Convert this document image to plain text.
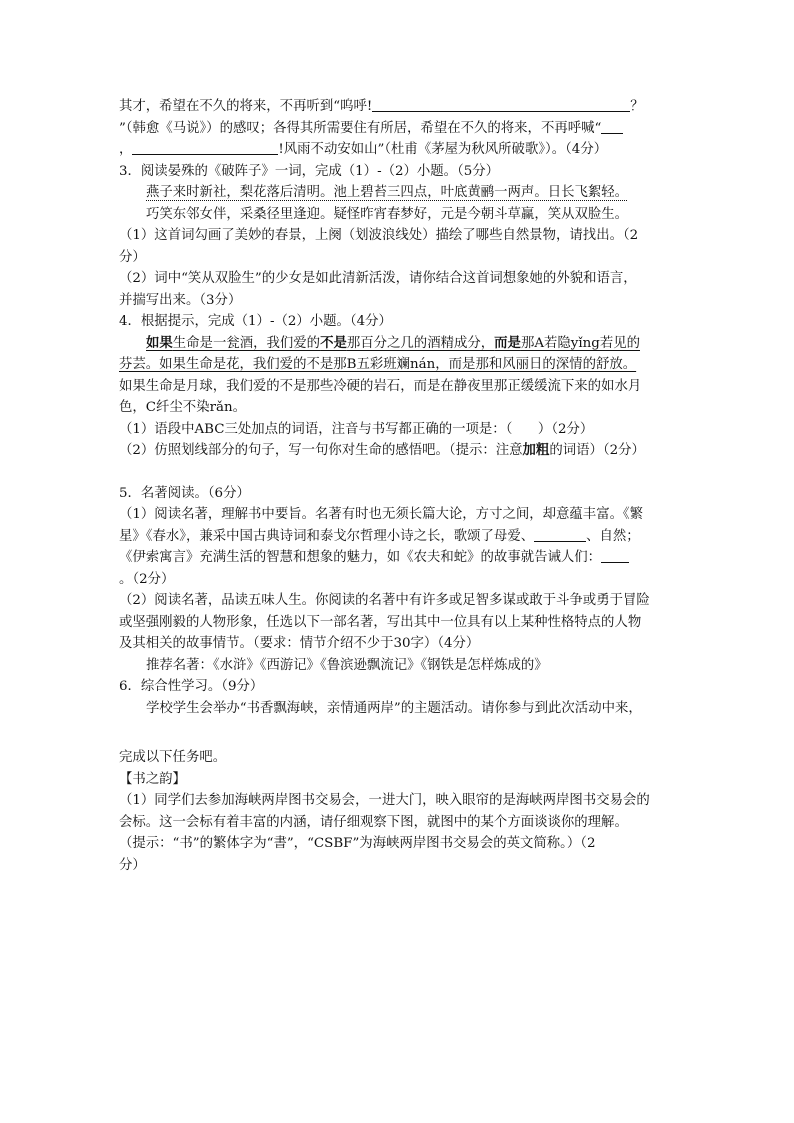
其才，希望在不久的将来，不再听到“呜呼!	？
”（韩愈《马说》）的感叹；各得其所需要住有所居，希望在不久的将来，不再呼喊“
，	!风雨不动安如山”（杜甫《茅屋为秋风所破歌》）。（4分）
3．阅读晏殊的《破阵子》一词，完成（1）-（2）小题。（5分）
燕子来时新社，梨花落后清明。池上碧苔三四点，叶底黄鹂一两声。日长飞絮轻。
巧笑东邻女伴，采桑径里逢迎。疑怪昨宵春梦好，元是今朝斗草赢，笑从双脸生。
（1）这首词勾画了美妙的春景，上阕（划波浪线处）描绘了哪些自然景物，请找出。（2
分）
（2）词中“笑从双脸生”的少女是如此清新活泼，请你结合这首词想象她的外貌和语言，
并揣写出来。（3分）
4．根据提示，完成（1）-（2）小题。（4分）
如果生命是一瓮酒，我们爱的不是那百分之几的酒精成分，而是那A若隐yǐng若见的
芬芸。如果生命是花，我们爱的不是那B五彩班斓nán，而是那和风丽日的深情的舒放。
如果生命是月球，我们爱的不是那些冷硬的岩石，而是在静夜里那正缓缓流下来的如水月
色，C纤尘不染rǎn。
（1）语段中ABC三处加点的词语，注音与书写都正确的一项是：（      ）（2分）
（2）仿照划线部分的句子，写一句你对生命的感悟吧。（提示：注意加粗的词语）（2分）
5．名著阅读。（6分）
（1）阅读名著，理解书中要旨。名著有时也无须长篇大论，方寸之间，却意蕴丰富。《繁
星》《春水》，兼采中国古典诗词和泰戈尔哲理小诗之长，歌颂了母爱、	、自然；
《伊索寓言》充满生活的智慧和想象的魅力，如《农夫和蛇》的故事就告诫人们：
。（2分）
（2）阅读名著，品读五味人生。你阅读的名著中有许多或足智多谋或敢于斗争或勇于冒险
或坚强刚毅的人物形象，任选以下一部名著，写出其中一位具有以上某种性格特点的人物
及其相关的故事情节。（要求：情节介绍不少于30字）（4分）
推荐名著：《水浒》《西游记》《鲁滨逊飘流记》《钢铁是怎样炼成的》
6．综合性学习。（9分）
学校学生会举办“书香飘海峡，亲情通两岸”的主题活动。请你参与到此次活动中来，
完成以下任务吧。
【书之韵】
（1）同学们去参加海峡两岸图书交易会，一进大门，映入眼帘的是海峡两岸图书交易会的
会标。这一会标有着丰富的内涵，请仔细观察下图，就图中的某个方面谈谈你的理解。
（提示：“书”的繁体字为“書”，“CSBF”为海峡两岸图书交易会的英文简称。）（2
分）
